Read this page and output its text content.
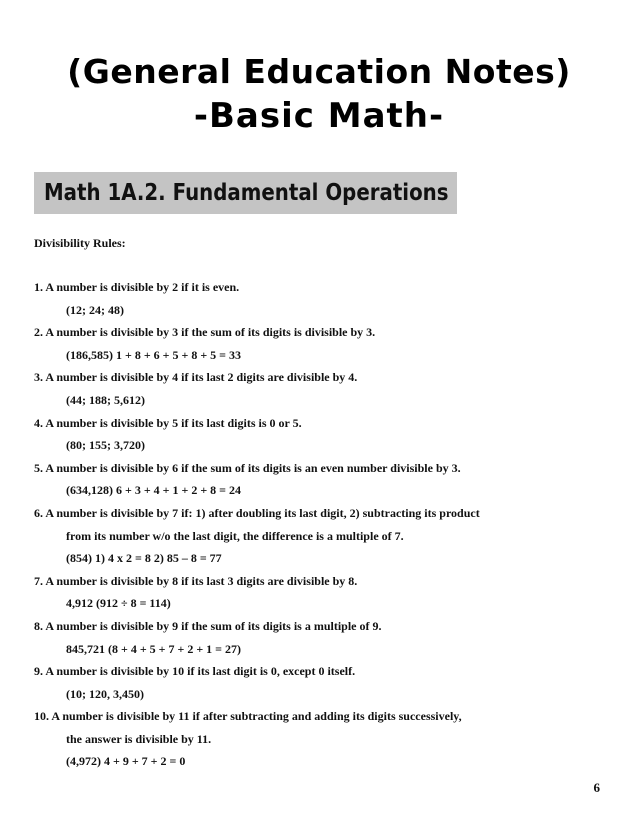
(General Education Notes)
-Basic Math-
Math 1A.2. Fundamental Operations
Divisibility Rules:
1. A number is divisible by 2 if it is even.
(12; 24; 48)
2. A number is divisible by 3 if the sum of its digits is divisible by 3.
(186,585) 1 + 8 + 6 + 5 + 8 + 5 = 33
3. A number is divisible by 4 if its last 2 digits are divisible by 4.
(44; 188; 5,612)
4. A number is divisible by 5 if its last digits is 0 or 5.
(80; 155; 3,720)
5. A number is divisible by 6 if the sum of its digits is an even number divisible by 3.
(634,128) 6 + 3 + 4 + 1 + 2 + 8 = 24
6. A number is divisible by 7 if: 1) after doubling its last digit, 2) subtracting its product
from its number w/o the last digit, the difference is a multiple of 7.
(854) 1) 4 x 2 = 8 2) 85 – 8 = 77
7. A number is divisible by 8 if its last 3 digits are divisible by 8.
4,912 (912 ÷ 8 = 114)
8. A number is divisible by 9 if the sum of its digits is a multiple of 9.
845,721 (8 + 4 + 5 + 7 + 2 + 1 = 27)
9. A number is divisible by 10 if its last digit is 0, except 0 itself.
(10; 120, 3,450)
10. A number is divisible by 11 if after subtracting and adding its digits successively,
the answer is divisible by 11.
(4,972) 4 + 9 + 7 + 2 = 0
6
